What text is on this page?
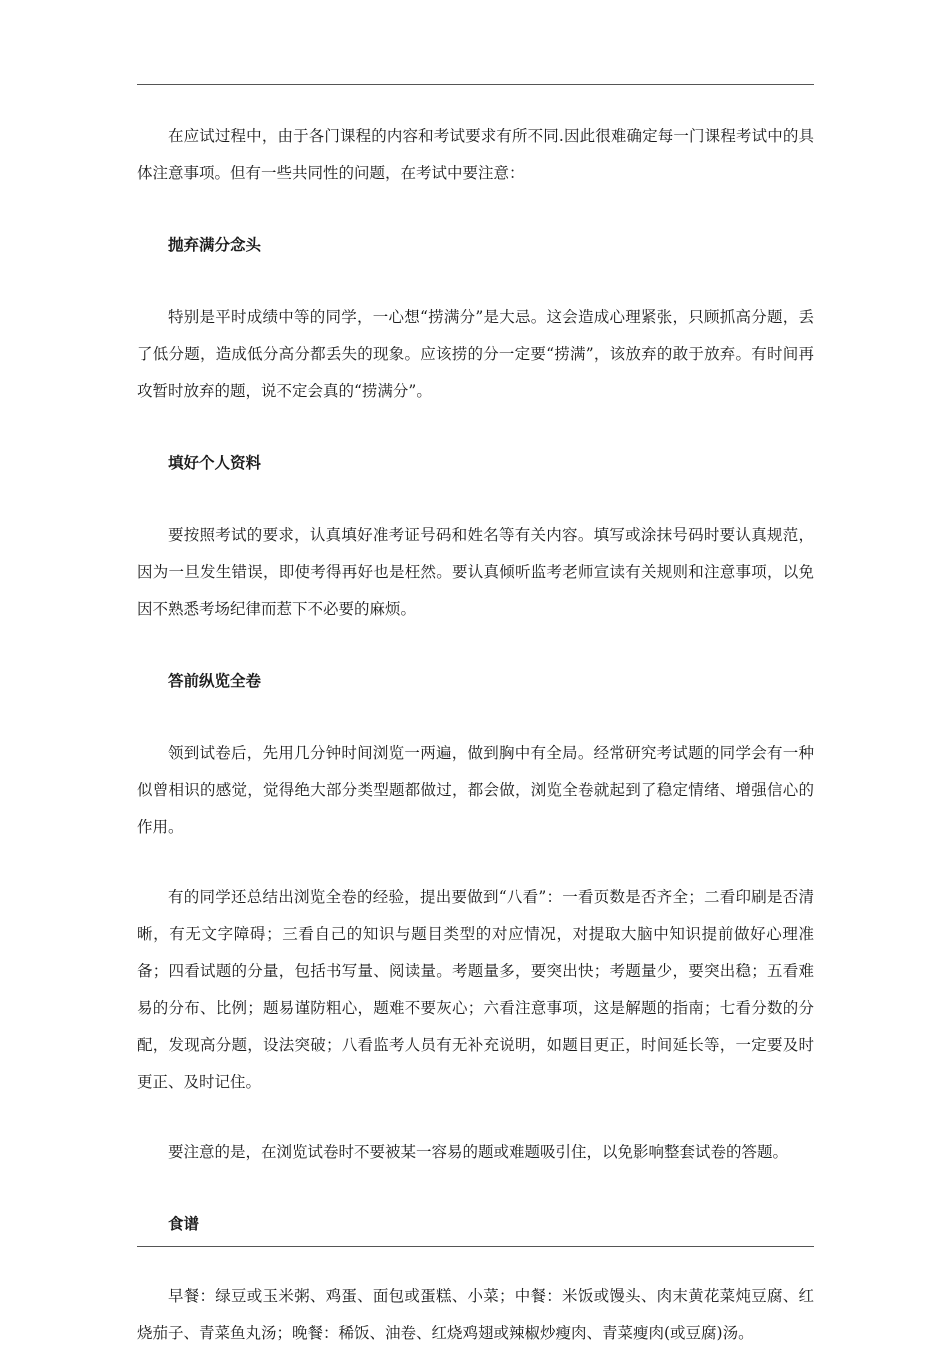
在应试过程中，由于各门课程的内容和考试要求有所不同.因此很难确定每一门课程考试中的具体注意事项。但有一些共同性的问题，在考试中要注意：

抛弃满分念头

特别是平时成绩中等的同学，一心想“捞满分”是大忌。这会造成心理紧张，只顾抓高分题，丢了低分题，造成低分高分都丢失的现象。应该捞的分一定要“捞满”，该放弃的敢于放弃。有时间再攻暂时放弃的题，说不定会真的“捞满分”。

填好个人资料

要按照考试的要求，认真填好准考证号码和姓名等有关内容。填写或涂抹号码时要认真规范，因为一旦发生错误，即使考得再好也是枉然。要认真倾听监考老师宣读有关规则和注意事项，以免因不熟悉考场纪律而惹下不必要的麻烦。

答前纵览全卷

领到试卷后，先用几分钟时间浏览一两遍，做到胸中有全局。经常研究考试题的同学会有一种似曾相识的感觉，觉得绝大部分类型题都做过，都会做，浏览全卷就起到了稳定情绪、增强信心的作用。

有的同学还总结出浏览全卷的经验，提出要做到“八看”：一看页数是否齐全；二看印刷是否清晰，有无文字障碍；三看自己的知识与题目类型的对应情况，对提取大脑中知识提前做好心理准备；四看试题的分量，包括书写量、阅读量。考题量多，要突出快；考题量少，要突出稳；五看难易的分布、比例；题易谨防粗心，题难不要灰心；六看注意事项，这是解题的指南；七看分数的分配，发现高分题，设法突破；八看监考人员有无补充说明，如题目更正，时间延长等，一定要及时更正、及时记住。

要注意的是，在浏览试卷时不要被某一容易的题或难题吸引住，以免影响整套试卷的答题。

食谱

早餐：绿豆或玉米粥、鸡蛋、面包或蛋糕、小菜；中餐：米饭或馒头、肉末黄花菜炖豆腐、红烧茄子、青菜鱼丸汤；晚餐：稀饭、油卷、红烧鸡翅或辣椒炒瘦肉、青菜瘦肉(或豆腐)汤。
